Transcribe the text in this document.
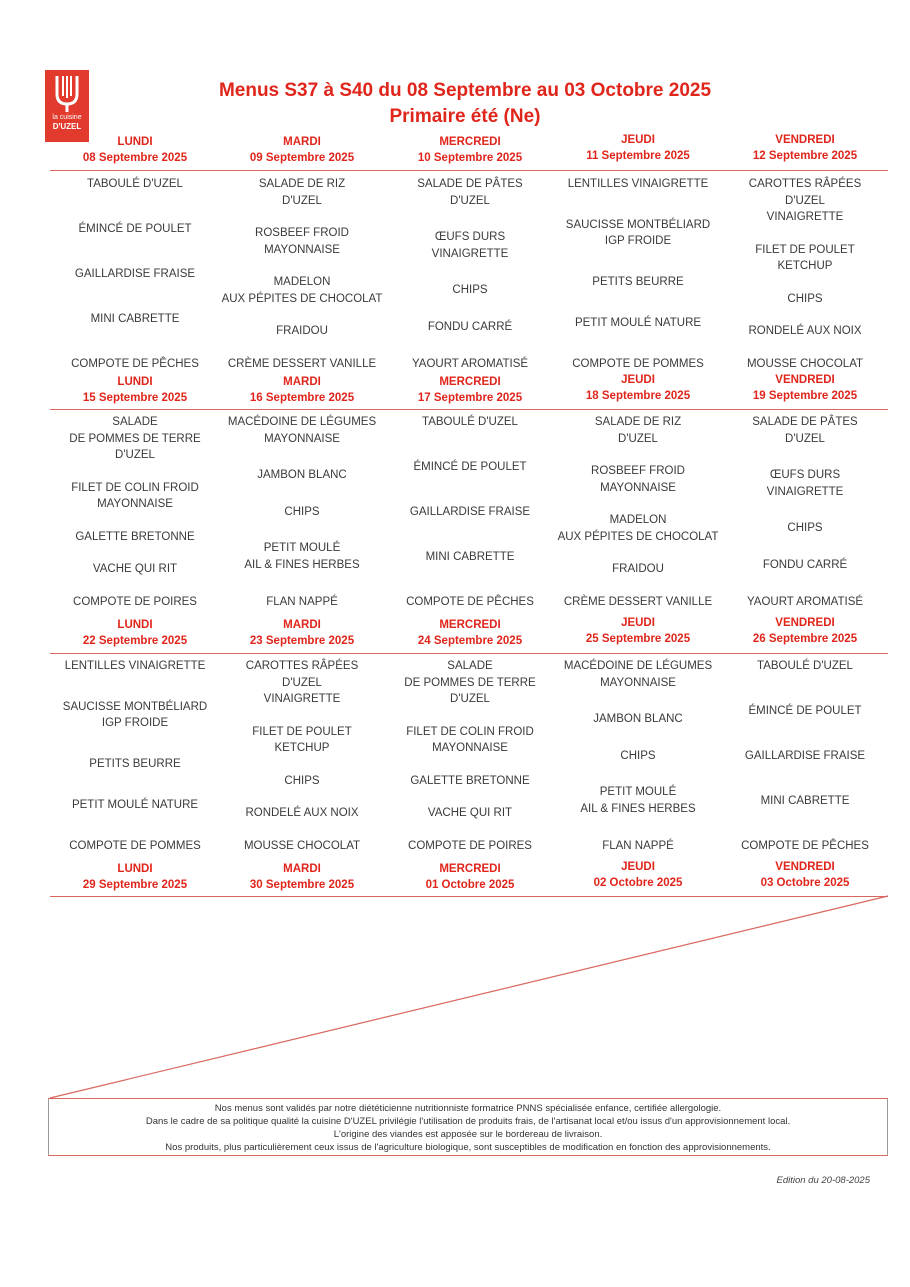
la cuisine
D'UZEL
Menus S37 à S40 du 08 Septembre au 03 Octobre 2025
Primaire été (Ne)
LUNDI
08 Septembre 2025
TABOULÉ D'UZEL
ÉMINCÉ DE POULET
GAILLARDISE FRAISE
MINI CABRETTE
COMPOTE DE PÊCHES
MARDI
09 Septembre 2025
SALADE DE RIZ
D'UZEL
ROSBEEF FROID
MAYONNAISE
MADELON
AUX PÉPITES DE CHOCOLAT
FRAIDOU
CRÈME DESSERT VANILLE
MERCREDI
10 Septembre 2025
SALADE DE PÂTES
D'UZEL
ŒUFS DURS
VINAIGRETTE
CHIPS
FONDU CARRÉ
YAOURT AROMATISÉ
JEUDI
11 Septembre 2025
LENTILLES VINAIGRETTE
SAUCISSE MONTBÉLIARD
IGP FROIDE
PETITS BEURRE
PETIT MOULÉ NATURE
COMPOTE DE POMMES
VENDREDI
12 Septembre 2025
CAROTTES RÂPÉES
D'UZEL
VINAIGRETTE
FILET DE POULET
KETCHUP
CHIPS
RONDELÉ AUX NOIX
MOUSSE CHOCOLAT
LUNDI
15 Septembre 2025
SALADE
DE POMMES DE TERRE
D'UZEL
FILET DE COLIN FROID
MAYONNAISE
GALETTE BRETONNE
VACHE QUI RIT
COMPOTE DE POIRES
MARDI
16 Septembre 2025
MACÉDOINE DE LÉGUMES
MAYONNAISE
JAMBON BLANC
CHIPS
PETIT MOULÉ
AIL & FINES HERBES
FLAN NAPPÉ
MERCREDI
17 Septembre 2025
TABOULÉ D'UZEL
ÉMINCÉ DE POULET
GAILLARDISE FRAISE
MINI CABRETTE
COMPOTE DE PÊCHES
JEUDI
18 Septembre 2025
SALADE DE RIZ
D'UZEL
ROSBEEF FROID
MAYONNAISE
MADELON
AUX PÉPITES DE CHOCOLAT
FRAIDOU
CRÈME DESSERT VANILLE
VENDREDI
19 Septembre 2025
SALADE DE PÂTES
D'UZEL
ŒUFS DURS
VINAIGRETTE
CHIPS
FONDU CARRÉ
YAOURT AROMATISÉ
LUNDI
22 Septembre 2025
LENTILLES VINAIGRETTE
SAUCISSE MONTBÉLIARD
IGP FROIDE
PETITS BEURRE
PETIT MOULÉ NATURE
COMPOTE DE POMMES
MARDI
23 Septembre 2025
CAROTTES RÂPÉES
D'UZEL
VINAIGRETTE
FILET DE POULET
KETCHUP
CHIPS
RONDELÉ AUX NOIX
MOUSSE CHOCOLAT
MERCREDI
24 Septembre 2025
SALADE
DE POMMES DE TERRE
D'UZEL
FILET DE COLIN FROID
MAYONNAISE
GALETTE BRETONNE
VACHE QUI RIT
COMPOTE DE POIRES
JEUDI
25 Septembre 2025
MACÉDOINE DE LÉGUMES
MAYONNAISE
JAMBON BLANC
CHIPS
PETIT MOULÉ
AIL & FINES HERBES
FLAN NAPPÉ
VENDREDI
26 Septembre 2025
TABOULÉ D'UZEL
ÉMINCÉ DE POULET
GAILLARDISE FRAISE
MINI CABRETTE
COMPOTE DE PÊCHES
LUNDI
29 Septembre 2025
MARDI
30 Septembre 2025
MERCREDI
01 Octobre 2025
JEUDI
02 Octobre 2025
VENDREDI
03 Octobre 2025
Nos menus sont validés par notre diététicienne nutritionniste formatrice PNNS spécialisée enfance, certifiée allergologie.
Dans le cadre de sa politique qualité la cuisine D'UZEL privilégie l'utilisation de produits frais, de l'artisanat local et/ou issus d'un approvisionnement local.
L'origine des viandes est apposée sur le bordereau de livraison.
Nos produits, plus particulièrement ceux issus de l'agriculture biologique, sont susceptibles de modification en fonction des approvisionnements.
Edition du 20-08-2025
